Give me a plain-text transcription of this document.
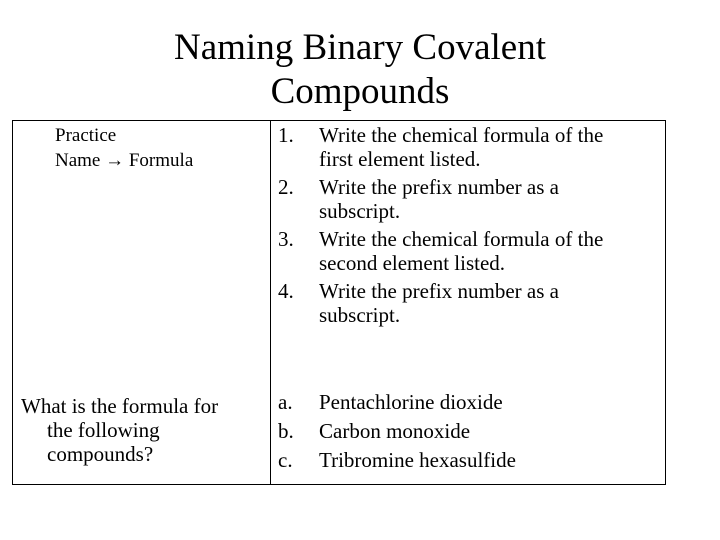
Naming Binary Covalent
Compounds
Practice
Name → Formula
1.	Write the chemical formula of the
first element listed.
2.	Write the prefix number as a
subscript.
3.	Write the chemical formula of the
second element listed.
4.	Write the prefix number as a
subscript.
What is the formula for
the following
compounds?
a.	Pentachlorine dioxide
b.	Carbon monoxide
c.	Tribromine hexasulfide
